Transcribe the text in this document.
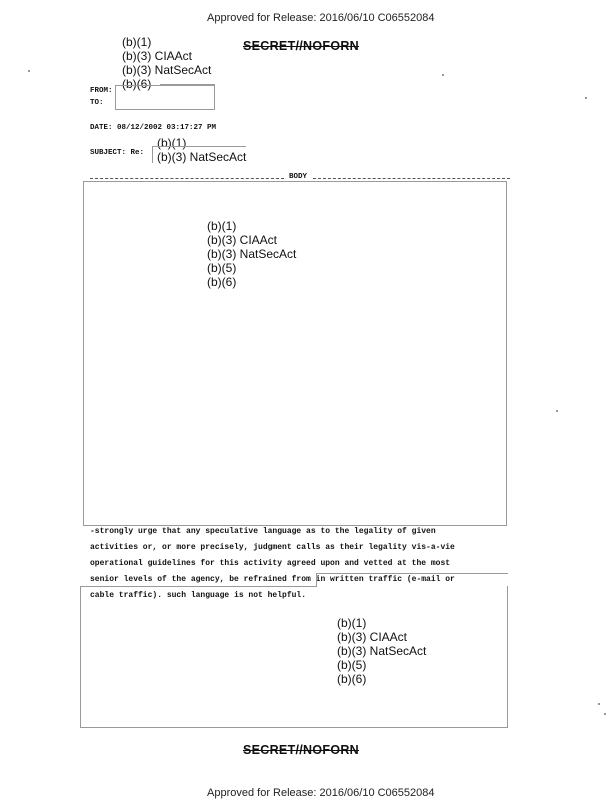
Approved for Release: 2016/06/10 C06552084
(b)(1)
(b)(3) CIAAct
(b)(3) NatSecAct
(b)(6)
SECRET//NOFORN
FROM:
TO:
DATE: 08/12/2002 03:17:27 PM
SUBJECT: Re:
(b)(1)
(b)(3) NatSecAct
BODY
(b)(1)
(b)(3) CIAAct
(b)(3) NatSecAct
(b)(5)
(b)(6)
-strongly urge that any speculative language as to the legality of given
activities or, or more precisely, judgment calls as their legality vis-a-vie
operational guidelines for this activity agreed upon and vetted at the most
senior levels of the agency, be refrained from in written traffic (e-mail or
cable traffic). such language is not helpful.
(b)(1)
(b)(3) CIAAct
(b)(3) NatSecAct
(b)(5)
(b)(6)
SECRET//NOFORN
Approved for Release: 2016/06/10 C06552084
